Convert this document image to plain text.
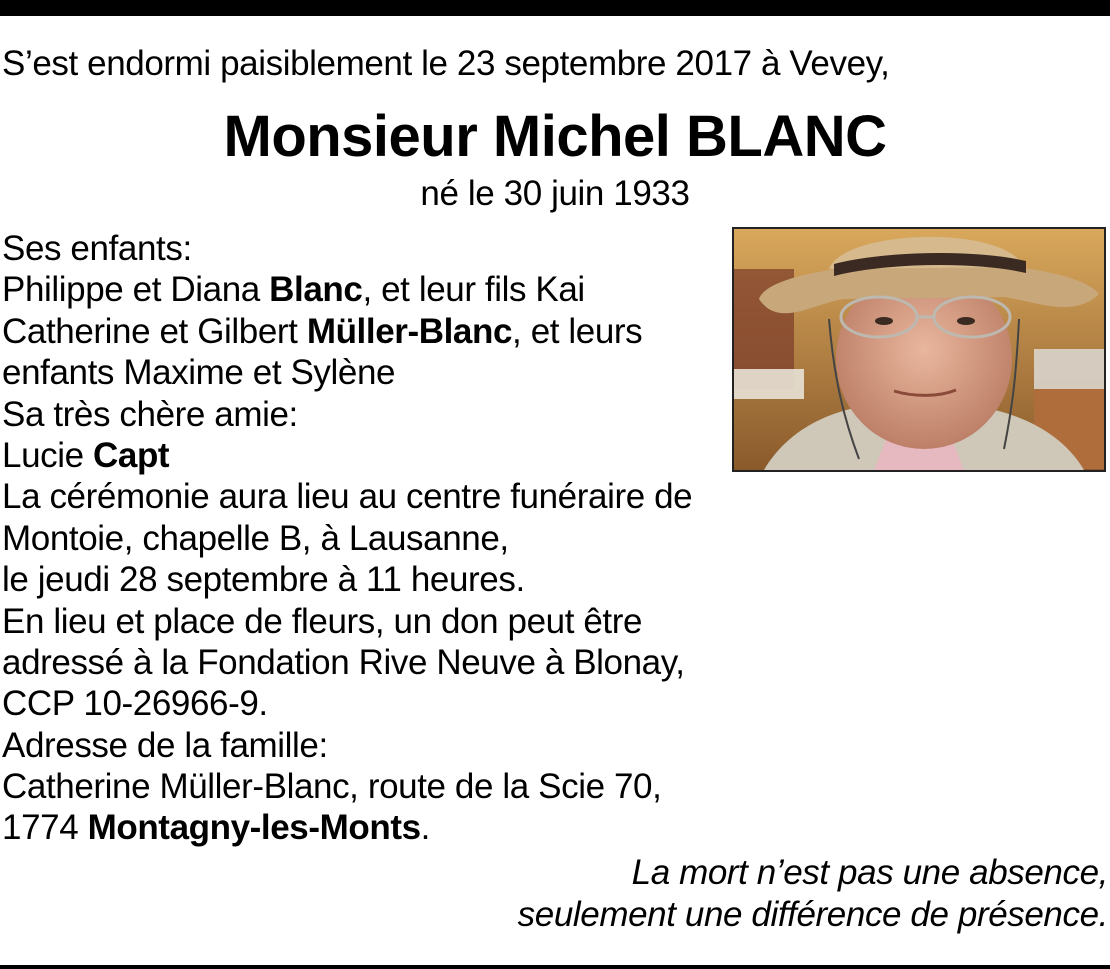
S’est endormi paisiblement le 23 septembre 2017 à Vevey,
Monsieur Michel BLANC
né le 30 juin 1933
Ses enfants:
Philippe et Diana Blanc, et leur fils Kai
Catherine et Gilbert Müller-Blanc, et leurs
enfants Maxime et Sylène
Sa très chère amie:
Lucie Capt
La cérémonie aura lieu au centre funéraire de
Montoie, chapelle B, à Lausanne,
le jeudi 28 septembre à 11 heures.
En lieu et place de fleurs, un don peut être
adressé à la Fondation Rive Neuve à Blonay,
CCP 10-26966-9.
Adresse de la famille:
Catherine Müller-Blanc, route de la Scie 70,
1774 Montagny-les-Monts.
La mort n’est pas une absence,
seulement une différence de présence.
